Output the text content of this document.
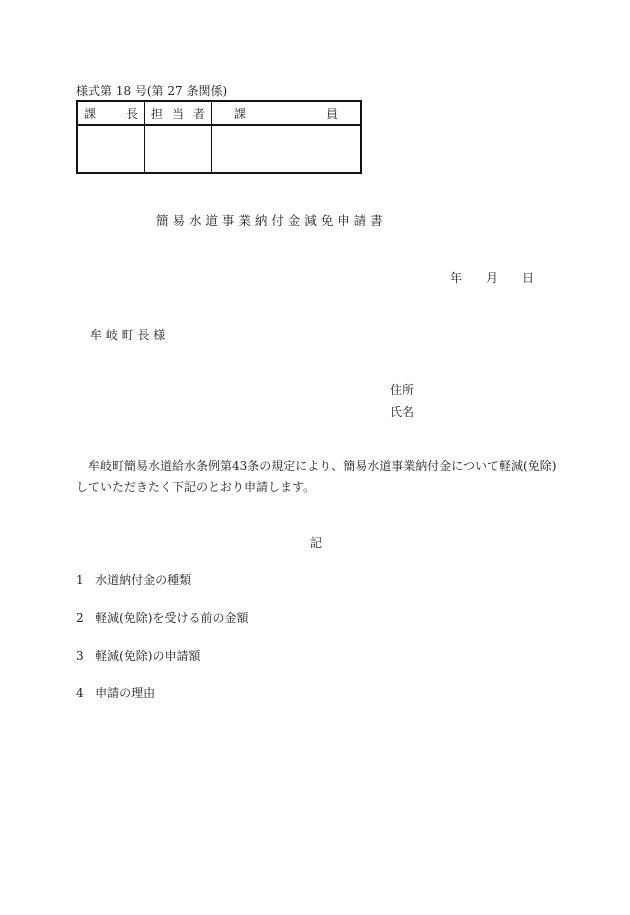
様式第 18 号(第 27 条関係)
課 長	担 当 者	課 員

簡 易 水 道 事 業 納 付 金 減 免 申 請 書
年 月 日
牟 岐 町 長 様
住所
氏名
牟岐町簡易水道給水条例第43条の規定により、簡易水道事業納付金について軽減(免除)
していただきたく下記のとおり申請します。
記
1 水道納付金の種類
2 軽減(免除)を受ける前の金額
3 軽減(免除)の申請額
4 申請の理由
